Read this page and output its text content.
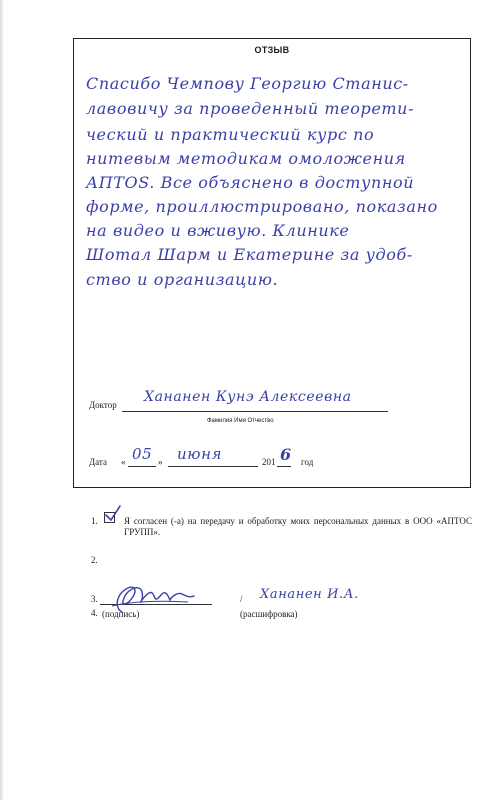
ОТЗЫВ
Спасибо Чемпову Георгию Станис-
лавовичу за проведенный теорети-
ческий и практический курс по
нитевым методикам омоложения
АПТОS. Все объяснено в доступной
форме, проиллюстрировано, показано
на видео и вживую. Клинике
Шотал Шарм и Екатерине за удоб-
ство и организацию.
Доктор Хананен Кунэ Алексеевна
Фамилия Имя Отчество
Дата « 05 » июня	201 6 год
1.	Я согласен (-а) на передачу и обработку моих персональных данных в ООО «АПТОС ГРУПП».
2.
3.	/ Хананен И.А.
4. (подпись)	(расшифровка)
